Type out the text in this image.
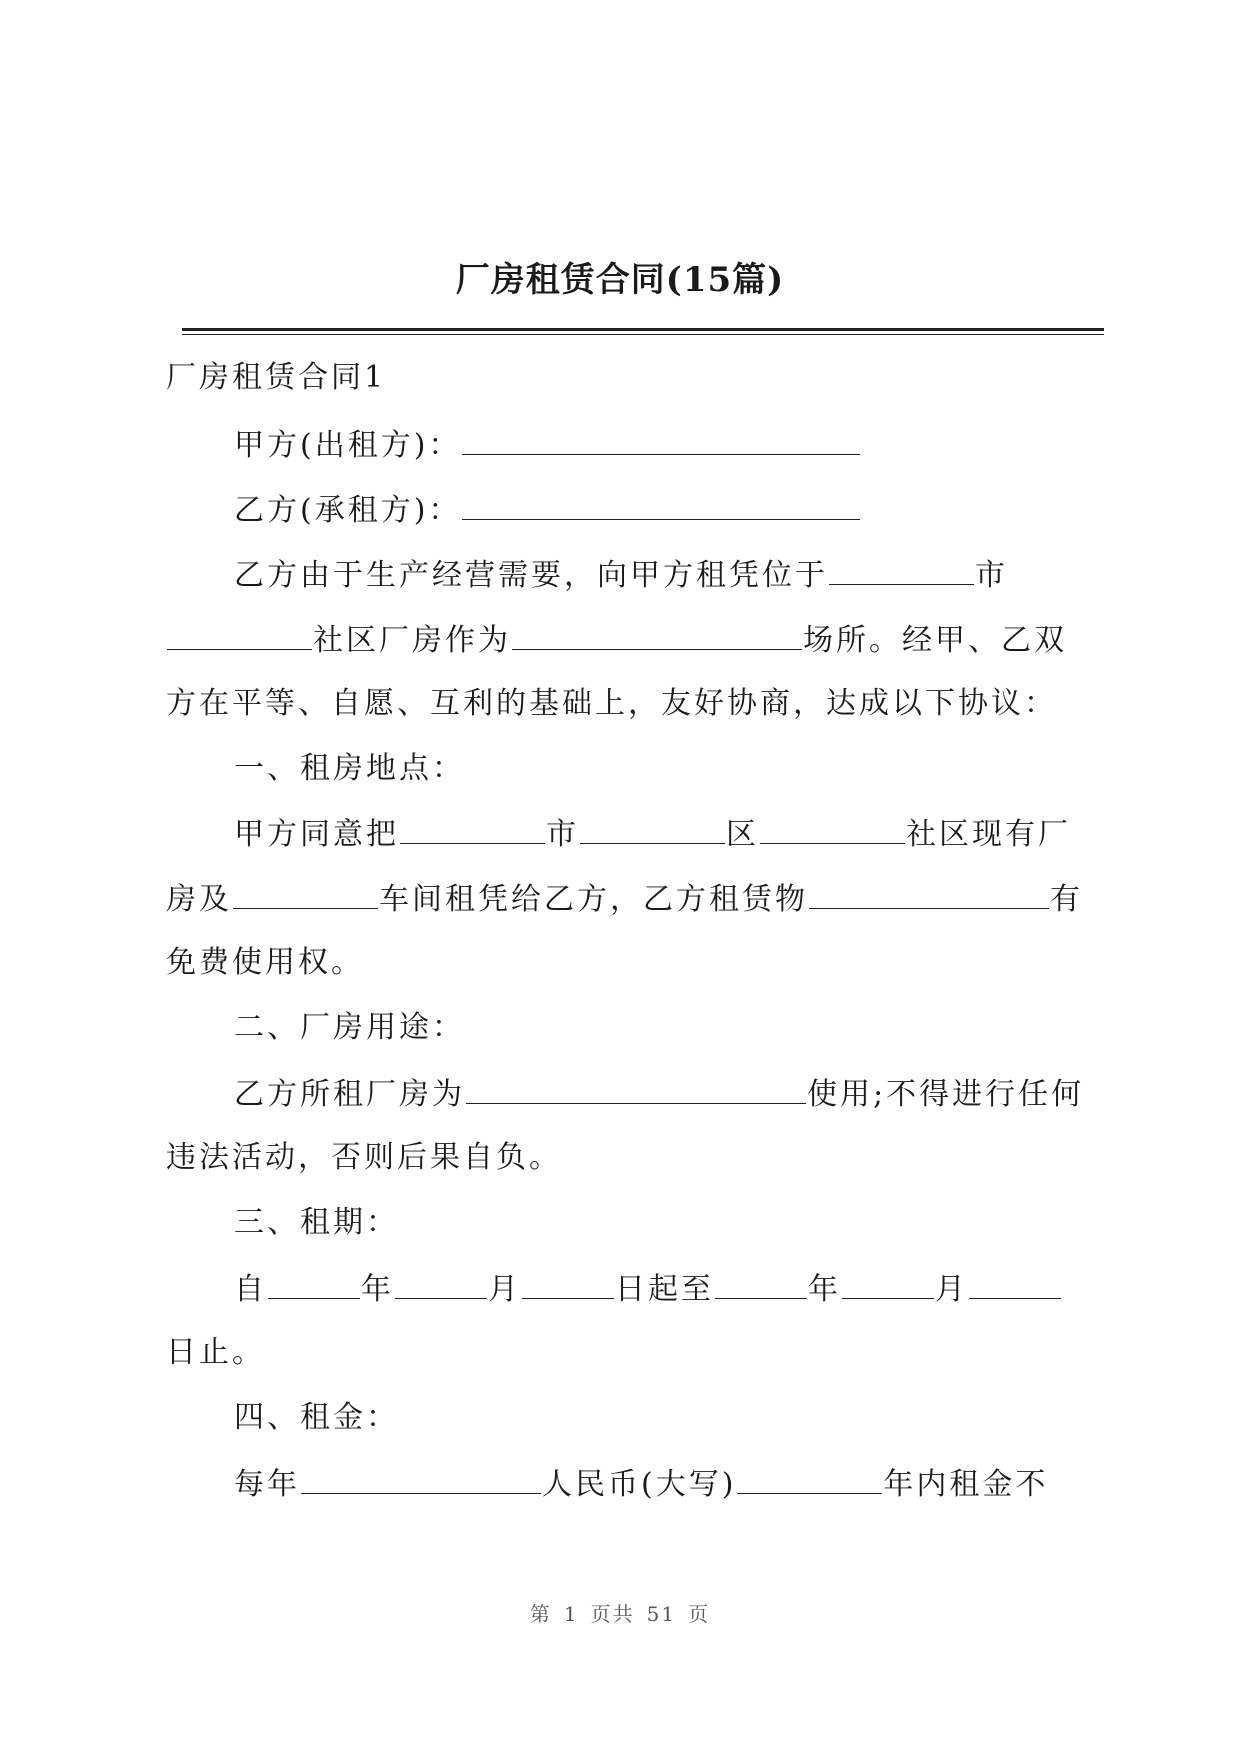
厂房租赁合同(15篇)
厂房租赁合同1
甲方(出租方)：
乙方(承租方)：
乙方由于生产经营需要，向甲方租凭位于	市
社区厂房作为	场所。经甲、乙双
方在平等、自愿、互利的基础上，友好协商，达成以下协议：
一、租房地点：
甲方同意把	市	区	社区现有厂
房及	车间租凭给乙方，乙方租赁物	有
免费使用权。
二、厂房用途：
乙方所租厂房为	使用;不得进行任何
违法活动，否则后果自负。
三、租期：
自	年	月	日起至	年	月
日止。
四、租金：
每年	人民币(大写)	年内租金不
第 1 页共 51 页
